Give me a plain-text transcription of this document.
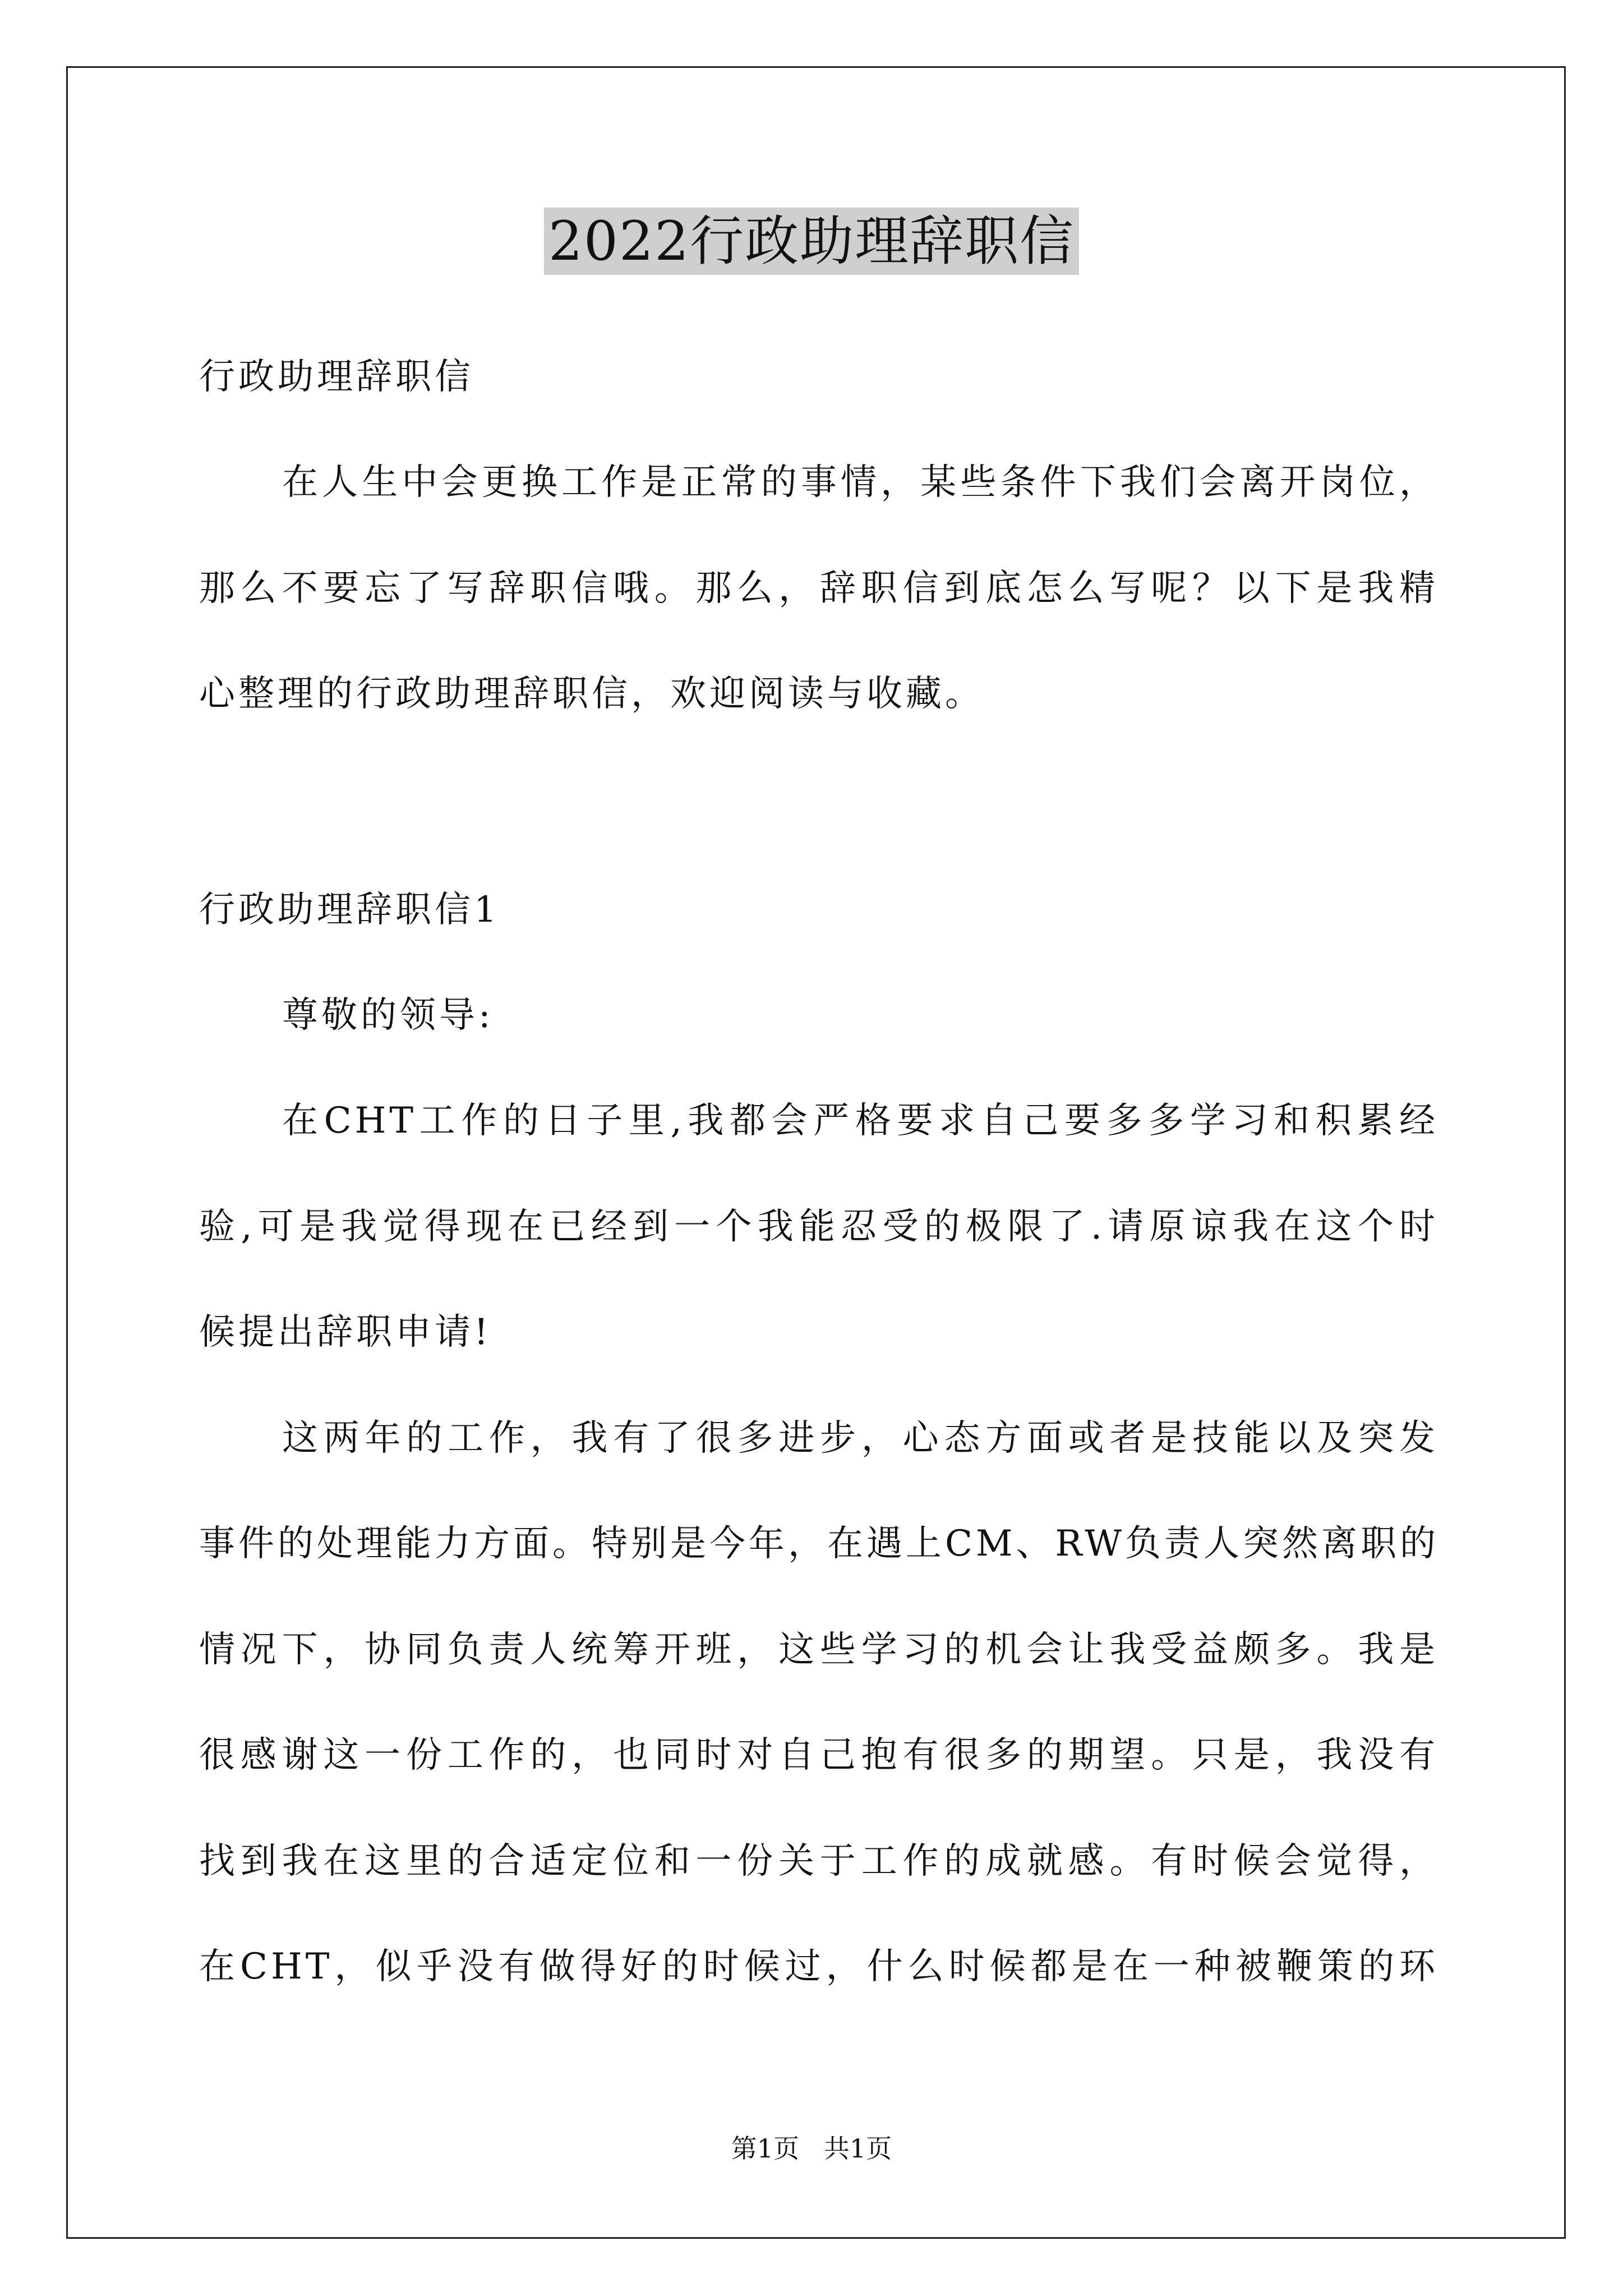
2022行政助理辞职信
行政助理辞职信
在人生中会更换工作是正常的事情，某些条件下我们会离开岗位，
那么不要忘了写辞职信哦。那么，辞职信到底怎么写呢？以下是我精
心整理的行政助理辞职信，欢迎阅读与收藏。
行政助理辞职信1
尊敬的领导:
在CHT工作的日子里,我都会严格要求自己要多多学习和积累经
验,可是我觉得现在已经到一个我能忍受的极限了.请原谅我在这个时
候提出辞职申请!
这两年的工作，我有了很多进步，心态方面或者是技能以及突发
事件的处理能力方面。特别是今年，在遇上CM、RW负责人突然离职的
情况下，协同负责人统筹开班，这些学习的机会让我受益颇多。我是
很感谢这一份工作的，也同时对自己抱有很多的期望。只是，我没有
找到我在这里的合适定位和一份关于工作的成就感。有时候会觉得，
在CHT，似乎没有做得好的时候过，什么时候都是在一种被鞭策的环
第1页   共1页
